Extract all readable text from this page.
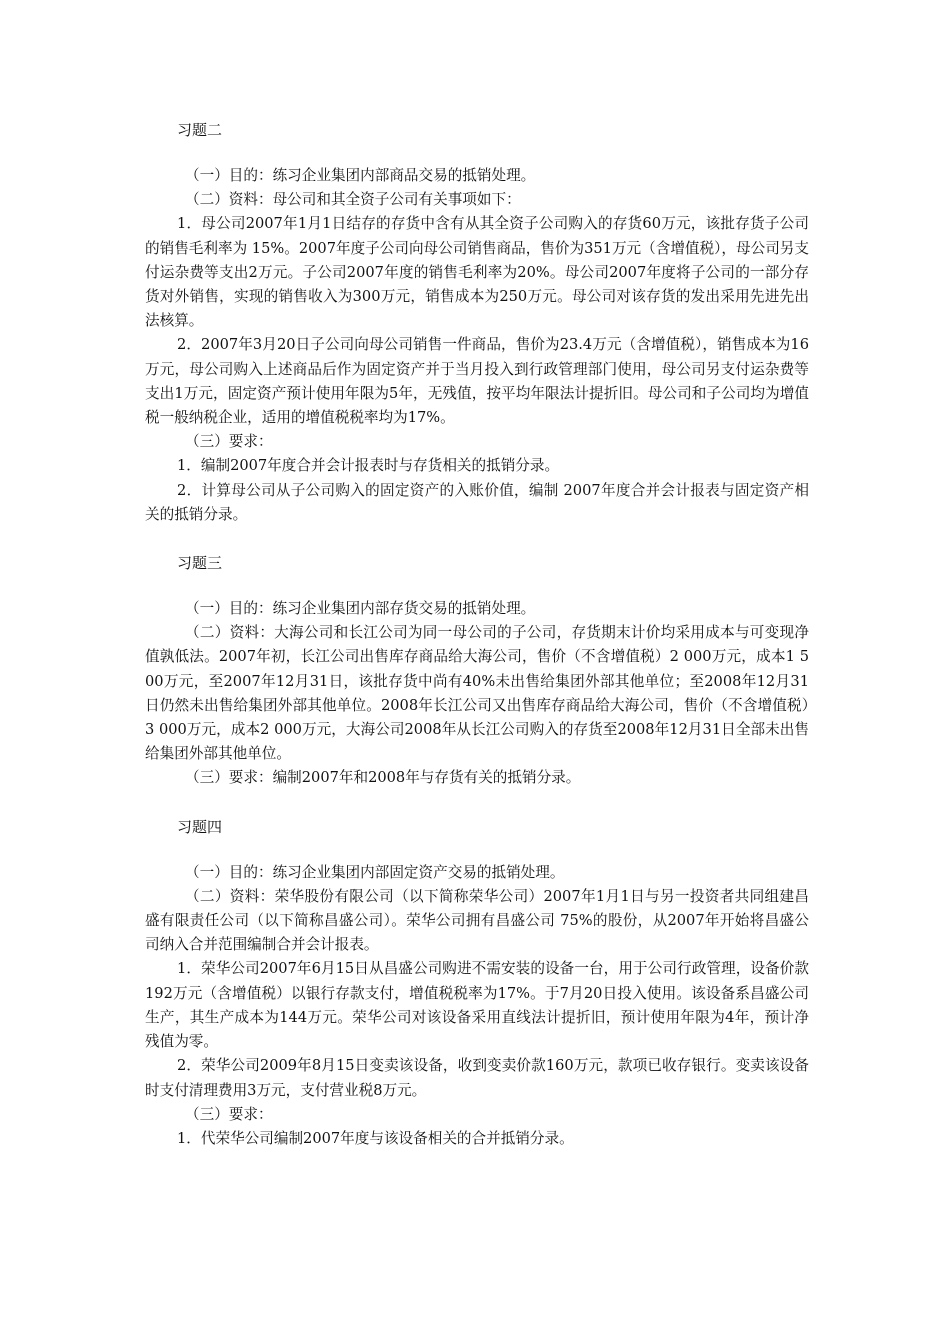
习题二

（一）目的：练习企业集团内部商品交易的抵销处理。

（二）资料：母公司和其全资子公司有关事项如下：

1．母公司2007年1月1日结存的存货中含有从其全资子公司购入的存货60万元，该批存货子公司的销售毛利率为 15%。2007年度子公司向母公司销售商品，售价为351万元（含增值税），母公司另支付运杂费等支出2万元。子公司2007年度的销售毛利率为20%。母公司2007年度将子公司的一部分存货对外销售，实现的销售收入为300万元，销售成本为250万元。母公司对该存货的发出采用先进先出法核算。

2．2007年3月20日子公司向母公司销售一件商品，售价为23.4万元（含增值税），销售成本为16万元，母公司购入上述商品后作为固定资产并于当月投入到行政管理部门使用，母公司另支付运杂费等支出1万元，固定资产预计使用年限为5年，无残值，按平均年限法计提折旧。母公司和子公司均为增值税一般纳税企业，适用的增值税税率均为17%。

（三）要求：

1．编制2007年度合并会计报表时与存货相关的抵销分录。

2．计算母公司从子公司购入的固定资产的入账价值，编制 2007年度合并会计报表与固定资产相关的抵销分录。

习题三

（一）目的：练习企业集团内部存货交易的抵销处理。

（二）资料：大海公司和长江公司为同一母公司的子公司，存货期末计价均采用成本与可变现净值孰低法。2007年初，长江公司出售库存商品给大海公司，售价（不含增值税）2 000万元，成本1 500万元，至2007年12月31日，该批存货中尚有40%未出售给集团外部其他单位；至2008年12月31日仍然未出售给集团外部其他单位。2008年长江公司又出售库存商品给大海公司，售价（不含增值税）3 000万元，成本2 000万元，大海公司2008年从长江公司购入的存货至2008年12月31日全部未出售给集团外部其他单位。

（三）要求：编制2007年和2008年与存货有关的抵销分录。

习题四

（一）目的：练习企业集团内部固定资产交易的抵销处理。

（二）资料：荣华股份有限公司（以下简称荣华公司）2007年1月1日与另一投资者共同组建昌盛有限责任公司（以下简称昌盛公司）。荣华公司拥有昌盛公司 75%的股份，从2007年开始将昌盛公司纳入合并范围编制合并会计报表。

1．荣华公司2007年6月15日从昌盛公司购进不需安装的设备一台，用于公司行政管理，设备价款192万元（含增值税）以银行存款支付，增值税税率为17%。于7月20日投入使用。该设备系昌盛公司生产，其生产成本为144万元。荣华公司对该设备采用直线法计提折旧，预计使用年限为4年，预计净残值为零。

2．荣华公司2009年8月15日变卖该设备，收到变卖价款160万元，款项已收存银行。变卖该设备时支付清理费用3万元，支付营业税8万元。

（三）要求：

1．代荣华公司编制2007年度与该设备相关的合并抵销分录。
